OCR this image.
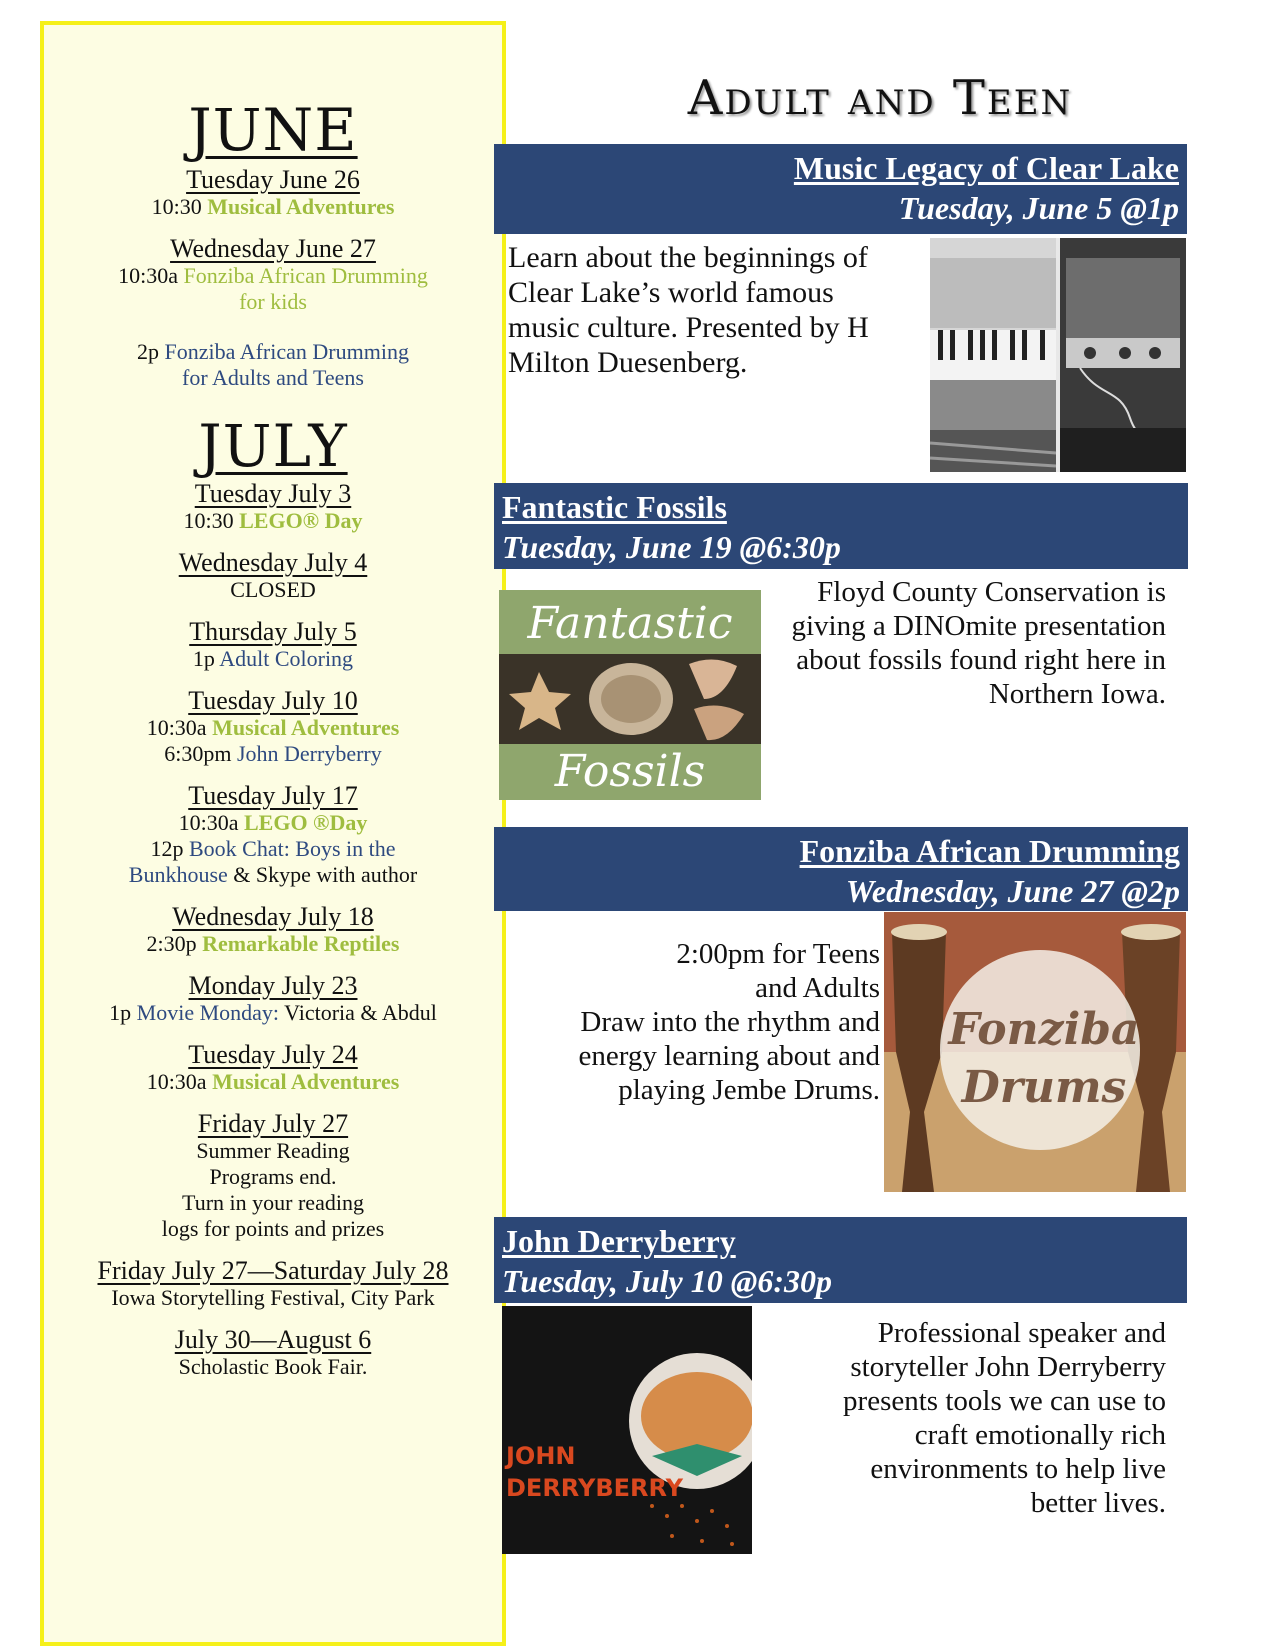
JUNE
Tuesday June 26
10:30 Musical Adventures
Wednesday June 27
10:30a Fonziba African Drumming
for kids
2p Fonziba African Drumming
for Adults and Teens
JULY
Tuesday July 3
10:30 LEGO® Day
Wednesday July 4
CLOSED
Thursday July 5
1p Adult Coloring
Tuesday July 10
10:30a Musical Adventures
6:30pm John Derryberry
Tuesday July 17
10:30a LEGO ®Day
12p Book Chat: Boys in the
Bunkhouse & Skype with author
Wednesday July 18
2:30p Remarkable Reptiles
Monday July 23
1p Movie Monday: Victoria & Abdul
Tuesday July 24
10:30a Musical Adventures
Friday July 27
Summer Reading
Programs end.
Turn in your reading
logs for points and prizes
Friday July 27—Saturday July 28
Iowa Storytelling Festival, City Park
July 30—August 6
Scholastic Book Fair.
Adult and Teen
Music Legacy of Clear Lake
Tuesday, June 5 @1p
Learn about the beginnings of Clear Lake’s world famous music culture. Presented by H Milton Duesenberg.
Fantastic Fossils
Tuesday, June 19 @6:30p
Fantastic
Fossils
Floyd County Conservation is giving a DINOmite presentation about fossils found right here in Northern Iowa.
Fonziba African Drumming
Wednesday, June 27 @2p
2:00pm for Teens
and Adults
Draw into the rhythm and energy learning about and playing Jembe Drums.
Fonziba
Drums
John Derryberry
Tuesday, July 10 @6:30p
JOHN
DERRYBERRY
Professional speaker and storyteller John Derryberry presents tools we can use to craft emotionally rich environments to help live better lives.
